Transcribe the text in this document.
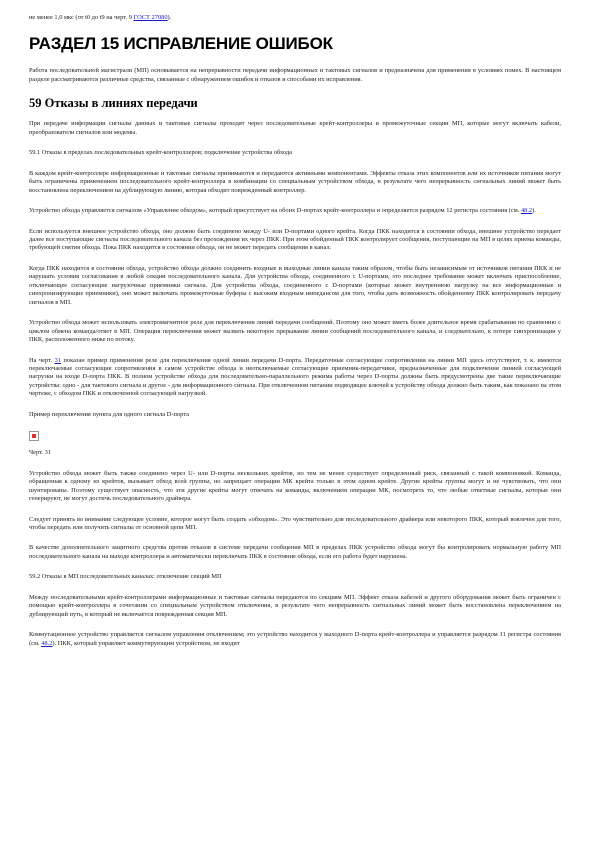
не менее 1,0 мкс (от t0 до t9 на черт. 9 ГОСТ 27080).

РАЗДЕЛ 15 ИСПРАВЛЕНИЕ ОШИБОК

Работа последовательной магистрали (МП) основывается на непрерывности передачи информационных и тактовых сигналов и предназначена для применения в условиях помех. В настоящем разделе рассматриваются различные средства, связанные с обнаружением ошибок и отказов и способами их исправления.

59 Отказы в линиях передачи

При передаче информации сигналы данных и тактовые сигналы проходят через последовательные крейт-контроллеры и промежуточные секции МП, которые могут включать кабели, преобразователи сигналов или модемы.

59.1 Отказы в пределах последовательных крейт-контроллеров; подключение устройства обхода

В каждом крейт-контроллере информационные и тактовые сигналы принимаются и передаются активными компонентами. Эффекты отказа этих компонентов или их источников питания могут быть ограничены применением последовательного крейт-контроллера в комбинации со специальным устройством обхода, в результате чего непрерывность сигнальных линий может быть восстановлена переключением на дублирующую линию, которая обходит поврежденный контроллер.

Устройство обхода управляется сигналом «Управление обходом», который присутствует на обоих D-портах крейт-контроллера и определяется разрядом 12 регистра состояния (см. 48.2).

Если используется внешнее устройство обхода, оно должно быть соединено между U- или D-портами одного крейта. Когда ПКК находится в состоянии обхода, внешнее устройство передает далее все поступающие сигналы последовательного канала без прохождения их через ПКК. При этом обойденный ПКК контролирует сообщения, поступающие на МП в целях приема команды, требующей снятия обхода. Пока ПКК находится в состоянии обхода, он не может передать сообщения в канал.

Когда ПКК находится в состоянии обхода, устройство обхода должно соединить входные и выходные линии канала таким образом, чтобы быть независимым от источников питания ПКК и не нарушать условия согласования в любой секции последовательного канала. Для устройства обхода, соединенного с U-портами, это последнее требование может включать приспособление, отключающее согласующие нагрузочные приемники сигнала. Для устройства обхода, соединенного с D-портами (которые может внутреннюю нагрузку на все информационные и синхронизирующие приемники), оно может включать промежуточные буферы с высоким входным импедансом для того, чтобы дать возможность обойденному ПКК контролировать передачу сигналов в МП.

Устройство обхода может использовать электромагнитное реле для переключения линий передачи сообщений. Поэтому оно может иметь более длительное время срабатывания по сравнению с циклом обмена команда/ответ в МП. Операция переключения может вызвать некоторое прерывание линии сообщений последовательного канала, и следовательно, к потере синхронизации у ПКК, расположенного ниже по потоку.

На черт. 31 показан пример применения реле для переключения одной линии передачи D-порта. Передаточные согласующие сопротивления на линии МП здесь отсутствуют, т. к. имеются переключаемые согласующие сопротивления в самом устройстве обхода и неотключаемые согласующие приемник-передатчики, предназначенные для подключения линией согласующей нагрузки на входе D-порта ПКК. В полном устройстве обхода для последовательно-параллельного режима работы через D-порты должны быть предусмотрены две такие переключающие устройства: одно - для тактового сигнала и другое - для информационного сигнала. При отключенном питании подводящее ключей к устройству обхода должно быть таким, как показано на этом чертеже, с обходом ПКК и отключенной согласующей нагрузкой.

Пример переключения пункта для одного сигнала D-порта

Черт. 31

Устройство обхода может быть также соединено через U- или D-порты нескольких крейтов, но тем не менее существует определенный риск, связанный с такой компоновкой. Команда, обращенная к одному из крейтов, вызывает обход всей группы, но запрещает операции МК крейта только в этом одном крейте. Другие крейты группы могут и не чувствовать, что они шунтированы. Поэтому существует опасность, что эти другие крейты могут отвечать на команды, включением операции МК, посмотреть то, что любые ответные сигналы, которые они генерируют, не могут достичь последовательного драйвера.

Следует принять во внимание следующее условие, которое могут быть создать «обходом». Это чувствительно для последовательного драйвера или некоторого ПКК, который вовлечен для того, чтобы передать или получить сигналы от основной цепи МП.

В качестве дополнительного защитного средства против отказов в системе передачи сообщения МП в пределах ПКК устройство обхода могут бы контролировать нормальную работу МП последовательного канала на выходе контроллера и автоматически переключать ПКК в состояние обхода, если его работа будет нарушена.

59.2 Отказы в МП последовательных каналах: отключение секций МП

Между последовательными крейт-контроллерами информационные и тактовые сигналы передаются по секциям МП. Эффект отказа кабелей и другого оборудования может быть ограничен с помощью крейт-контроллера в сочетании со специальным устройством отключения, в результате чего непрерывность сигнальных линий может быть восстановлена переключением на дублирующий путь, в который не включается поврежденная секция МП.

Коммутационное устройство управляется сигналом управления отключением; это устройство находится у выходного D-порта крейт-контроллера и управляется разрядом 11 регистра состояния (см. 48.2). ПКК, который управляет коммутирующим устройством, не входит
